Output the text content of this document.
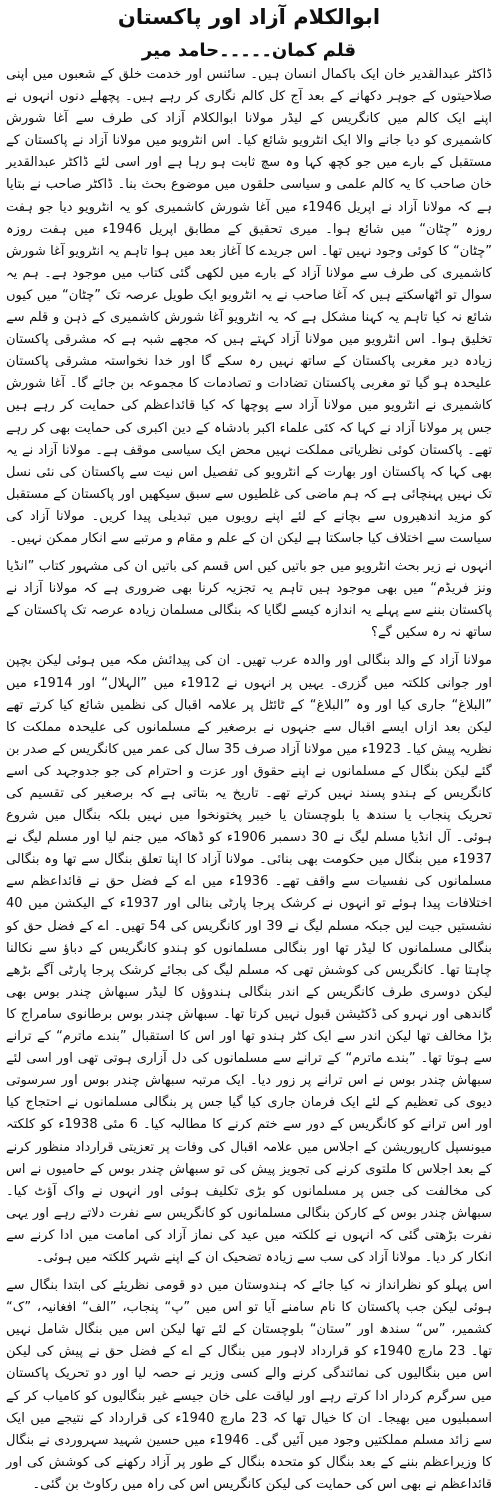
ابوالکلام آزاد اور پاکستان
قلم کمان۔۔۔۔۔حامد میر

ڈاکٹر عبدالقدیر خان ایک باکمال انسان ہیں۔ سائنس اور خدمت خلق کے شعبوں میں اپنی صلاحیتوں کے جوہر دکھانے کے بعد آج کل کالم نگاری کر رہے ہیں۔ پچھلے دنوں انہوں نے اپنے ایک کالم میں کانگریس کے لیڈر مولانا ابوالکلام آزاد کی طرف سے آغا شورش کاشمیری کو دیا جانے والا ایک انٹرویو شائع کیا۔ اس انٹرویو میں مولانا آزاد نے پاکستان کے مستقبل کے بارے میں جو کچھ کہا وہ سچ ثابت ہو رہا ہے اور اسی لئے ڈاکٹر عبدالقدیر خان صاحب کا یہ کالم علمی و سیاسی حلقوں میں موضوع بحث بنا۔ ڈاکٹر صاحب نے بتایا ہے کہ مولانا آزاد نے اپریل 1946ء میں آغا شورش کاشمیری کو یہ انٹرویو دیا جو ہفت روزہ ”چٹان“ میں شائع ہوا۔ میری تحقیق کے مطابق اپریل 1946ء میں ہفت روزہ ”چٹان“ کا کوئی وجود نہیں تھا۔ اس جریدے کا آغاز بعد میں ہوا تاہم یہ انٹرویو آغا شورش کاشمیری کی طرف سے مولانا آزاد کے بارے میں لکھی گئی کتاب میں موجود ہے۔ ہم یہ سوال تو اٹھاسکتے ہیں کہ آغا صاحب نے یہ انٹرویو ایک طویل عرصہ تک ”چٹان“ میں کیوں شائع نہ کیا تاہم یہ کہنا مشکل ہے کہ یہ انٹرویو آغا شورش کاشمیری کے ذہن و قلم سے تخلیق ہوا۔ اس انٹرویو میں مولانا آزاد کہتے ہیں کہ مجھے شبہ ہے کہ مشرقی پاکستان زیادہ دیر مغربی پاکستان کے ساتھ نہیں رہ سکے گا اور خدا نخواستہ مشرقی پاکستان علیحدہ ہو گیا تو مغربی پاکستان تضادات و تصادمات کا مجموعہ بن جائے گا۔ آغا شورش کاشمیری نے انٹرویو میں مولانا آزاد سے پوچھا کہ کیا قائداعظم کی حمایت کر رہے ہیں جس پر مولانا آزاد نے کہا کہ کئی علماء اکبر بادشاہ کے دین اکبری کی حمایت بھی کر رہے تھے۔ پاکستان کوئی نظریاتی مملکت نہیں محض ایک سیاسی موقف ہے۔ مولانا آزاد نے یہ بھی کہا کہ پاکستان اور بھارت کے انٹرویو کی تفصیل اس نیت سے پاکستان کی نئی نسل تک نہیں پہنچائی ہے کہ ہم ماضی کی غلطیوں سے سبق سیکھیں اور پاکستان کے مستقبل کو مزید اندھیروں سے بچانے کے لئے اپنے رویوں میں تبدیلی پیدا کریں۔ مولانا آزاد کی سیاست سے اختلاف کیا جاسکتا ہے لیکن ان کے علم و مقام و مرتبے سے انکار ممکن نہیں۔

انہوں نے زیر بحث انٹرویو میں جو باتیں کیں اس قسم کی باتیں ان کی مشہور کتاب ”انڈیا ونز فریڈم“ میں بھی موجود ہیں تاہم یہ تجزیہ کرنا بھی ضروری ہے کہ مولانا آزاد نے پاکستان بننے سے پہلے یہ اندازہ کیسے لگایا کہ بنگالی مسلمان زیادہ عرصہ تک پاکستان کے ساتھ نہ رہ سکیں گے؟

مولانا آزاد کے والد بنگالی اور والدہ عرب تھیں۔ ان کی پیدائش مکہ میں ہوئی لیکن بچپن اور جوانی کلکتہ میں گزری۔ یہیں پر انہوں نے 1912ء میں ”الہلال“ اور 1914ء میں ”البلاغ“ جاری کیا اور وہ ”البلاغ“ کے ٹائٹل پر علامہ اقبال کی نظمیں شائع کیا کرتے تھے لیکن بعد ازاں ایسے اقبال سے جنہوں نے برصغیر کے مسلمانوں کی علیحدہ مملکت کا نظریہ پیش کیا۔ 1923ء میں مولانا آزاد صرف 35 سال کی عمر میں کانگریس کے صدر بن گئے لیکن بنگال کے مسلمانوں نے اپنے حقوق اور عزت و احترام کی جو جدوجہد کی اسے کانگریس کے ہندو پسند نہیں کرتے تھے۔ تاریخ یہ بتاتی ہے کہ برصغیر کی تقسیم کی تحریک پنجاب یا سندھ یا بلوچستان یا خیبر پختونخوا میں نہیں بلکہ بنگال میں شروع ہوئی۔ آل انڈیا مسلم لیگ نے 30 دسمبر 1906ء کو ڈھاکہ میں جنم لیا اور مسلم لیگ نے 1937ء میں بنگال میں حکومت بھی بنائی۔ مولانا آزاد کا اپنا تعلق بنگال سے تھا وہ بنگالی مسلمانوں کی نفسیات سے واقف تھے۔ 1936ء میں اے کے فضل حق نے قائداعظم سے اختلافات پیدا ہوئے تو انہوں نے کرشک پرجا پارٹی بنالی اور 1937ء کے الیکشن میں 40 نشستیں جیت لیں جبکہ مسلم لیگ نے 39 اور کانگریس کی 54 تھیں۔ اے کے فضل حق کو بنگالی مسلمانوں کا لیڈر تھا اور بنگالی مسلمانوں کو ہندو کانگریس کے دباؤ سے نکالنا چاہتا تھا۔ کانگریس کی کوشش تھی کہ مسلم لیگ کی بجائے کرشک پرجا پارٹی آگے بڑھے لیکن دوسری طرف کانگریس کے اندر بنگالی ہندوؤں کا لیڈر سبھاش چندر بوس بھی گاندھی اور نہرو کی ڈکٹیشن قبول نہیں کرتا تھا۔ سبھاش چندر بوس برطانوی سامراج کا بڑا مخالف تھا لیکن اندر سے ایک کٹر ہندو تھا اور اس کا استقبال ”بندے ماترم“ کے ترانے سے ہوتا تھا۔ ”بندے ماترم“ کے ترانے سے مسلمانوں کی دل آزاری ہوتی تھی اور اسی لئے سبھاش چندر بوس نے اس ترانے پر زور دیا۔ ایک مرتبہ سبھاش چندر بوس اور سرسوتی دیوی کی تعظیم کے لئے ایک فرمان جاری کیا گیا جس پر بنگالی مسلمانوں نے احتجاج کیا اور اس ترانے کو کانگریس کے دور سے ختم کرنے کا مطالبہ کیا۔ 6 مئی 1938ء کو کلکتہ میونسپل کارپوریشن کے اجلاس میں علامہ اقبال کی وفات پر تعزیتی قرارداد منظور کرنے کے بعد اجلاس کا ملتوی کرنے کی تجویز پیش کی تو سبھاش چندر بوس کے حامیوں نے اس کی مخالفت کی جس پر مسلمانوں کو بڑی تکلیف ہوئی اور انہوں نے واک آؤٹ کیا۔ سبھاش چندر بوس کے کارکن بنگالی مسلمانوں کو کانگریس سے نفرت دلاتے رہے اور یہی نفرت بڑھتی گئی کہ انہوں نے کلکتہ میں عید کی نماز آزاد کی امامت میں ادا کرنے سے انکار کر دیا۔ مولانا آزاد کی سب سے زیادہ تضحیک ان کے اپنے شہر کلکتہ میں ہوئی۔

اس پہلو کو نظرانداز نہ کیا جائے کہ ہندوستان میں دو قومی نظریئے کی ابتدا بنگال سے ہوئی لیکن جب پاکستان کا نام سامنے آیا تو اس میں ”پ“ پنجاب، ”الف“ افغانیہ، ”ک“ کشمیر، ”س“ سندھ اور ”ستان“ بلوچستان کے لئے تھا لیکن اس میں بنگال شامل نہیں تھا۔ 23 مارچ 1940ء کو قرارداد لاہور میں بنگال کے اے کے فضل حق نے پیش کی لیکن اس میں بنگالیوں کی نمائندگی کرنے والے کسی وزیر نے حصہ لیا اور دو تحریک پاکستان میں سرگرم کردار ادا کرتے رہے اور لیاقت علی خان جیسے غیر بنگالیوں کو کامیاب کر کے اسمبلیوں میں بھیجا۔ ان کا خیال تھا کہ 23 مارچ 1940ء کی قرارداد کے نتیجے میں ایک سے زائد مسلم مملکتیں وجود میں آئیں گی۔ 1946ء میں حسین شہید سہروردی نے بنگال کا وزیراعظم بننے کے بعد بنگال کو متحدہ بنگال کے طور پر آزاد رکھنے کی کوشش کی اور قائداعظم نے بھی اس کی حمایت کی لیکن کانگریس اس کی راہ میں رکاوٹ بن گئی۔
